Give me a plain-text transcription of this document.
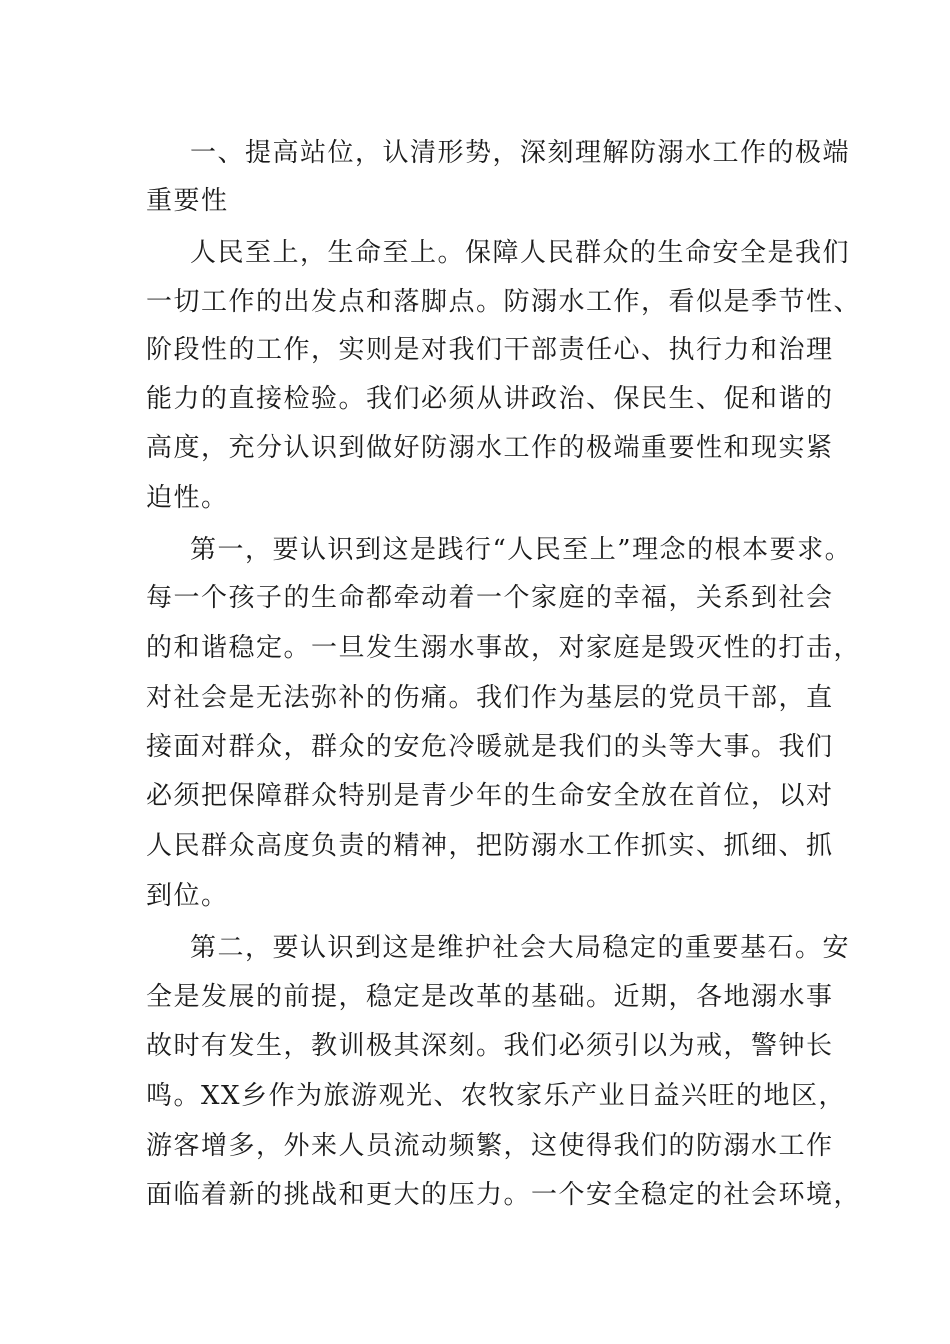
一、提高站位，认清形势，深刻理解防溺水工作的极端
重要性
人民至上，生命至上。保障人民群众的生命安全是我们
一切工作的出发点和落脚点。防溺水工作，看似是季节性、
阶段性的工作，实则是对我们干部责任心、执行力和治理
能力的直接检验。我们必须从讲政治、保民生、促和谐的
高度，充分认识到做好防溺水工作的极端重要性和现实紧
迫性。
第一，要认识到这是践行“人民至上”理念的根本要求。
每一个孩子的生命都牵动着一个家庭的幸福，关系到社会
的和谐稳定。一旦发生溺水事故，对家庭是毁灭性的打击，
对社会是无法弥补的伤痛。我们作为基层的党员干部，直
接面对群众，群众的安危冷暖就是我们的头等大事。我们
必须把保障群众特别是青少年的生命安全放在首位，以对
人民群众高度负责的精神，把防溺水工作抓实、抓细、抓
到位。
第二，要认识到这是维护社会大局稳定的重要基石。安
全是发展的前提，稳定是改革的基础。近期，各地溺水事
故时有发生，教训极其深刻。我们必须引以为戒，警钟长
鸣。XX乡作为旅游观光、农牧家乐产业日益兴旺的地区，
游客增多，外来人员流动频繁，这使得我们的防溺水工作
面临着新的挑战和更大的压力。一个安全稳定的社会环境，
